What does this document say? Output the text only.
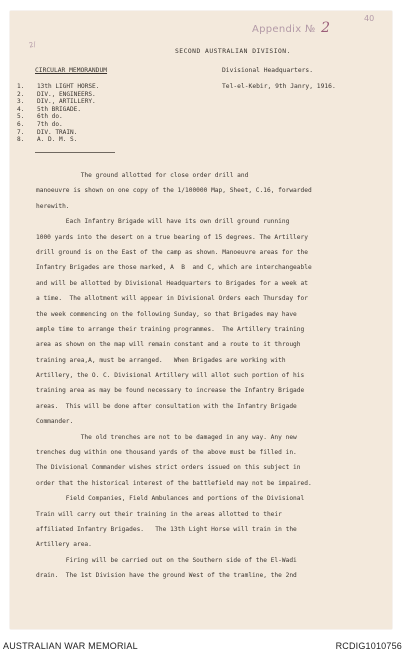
Appendix № 2
40
2/
SECOND AUSTRALIAN DIVISION.
CIRCULAR MEMORANDUM	Divisional Headquarters.
Tel-el-Kebir, 9th Janry, 1916.
1. 13th LIGHT HORSE.
2. DIV., ENGINEERS.
3. DIV., ARTILLERY.
4. 5th BRIGADE.
5. 6th do.
6. 7th do.
7. DIV. TRAIN.
8. A. D. M. S.
The ground allotted for close order drill and
manoeuvre is shown on one copy of the 1/100000 Map, Sheet, C.16, forwarded
herewith.
Each Infantry Brigade will have its own drill ground running
1000 yards into the desert on a true bearing of 15 degrees. The Artillery
drill ground is on the East of the camp as shown. Manoeuvre areas for the
Infantry Brigades are those marked, A  B  and C, which are interchangeable
and will be allotted by Divisional Headquarters to Brigades for a week at
a time.  The allotment will appear in Divisional Orders each Thursday for
the week commencing on the following Sunday, so that Brigades may have
ample time to arrange their training programmes.  The Artillery training
area as shown on the map will remain constant and a route to it through
training area,A, must be arranged.   When Brigades are working with
Artillery, the O. C. Divisional Artillery will allot such portion of his
training area as may be found necessary to increase the Infantry Brigade
areas.  This will be done after consultation with the Infantry Brigade
Commander.
The old trenches are not to be damaged in any way. Any new
trenches dug within one thousand yards of the above must be filled in.
The Divisional Commander wishes strict orders issued on this subject in
order that the historical interest of the battlefield may not be impaired.
Field Companies, Field Ambulances and portions of the Divisional
Train will carry out their training in the areas allotted to their
affiliated Infantry Brigades.   The 13th Light Horse will train in the
Artillery area.
Firing will be carried out on the Southern side of the El-Wadi
drain.  The 1st Division have the ground West of the tramline, the 2nd
AUSTRALIAN WAR MEMORIAL	RCDIG1010756
